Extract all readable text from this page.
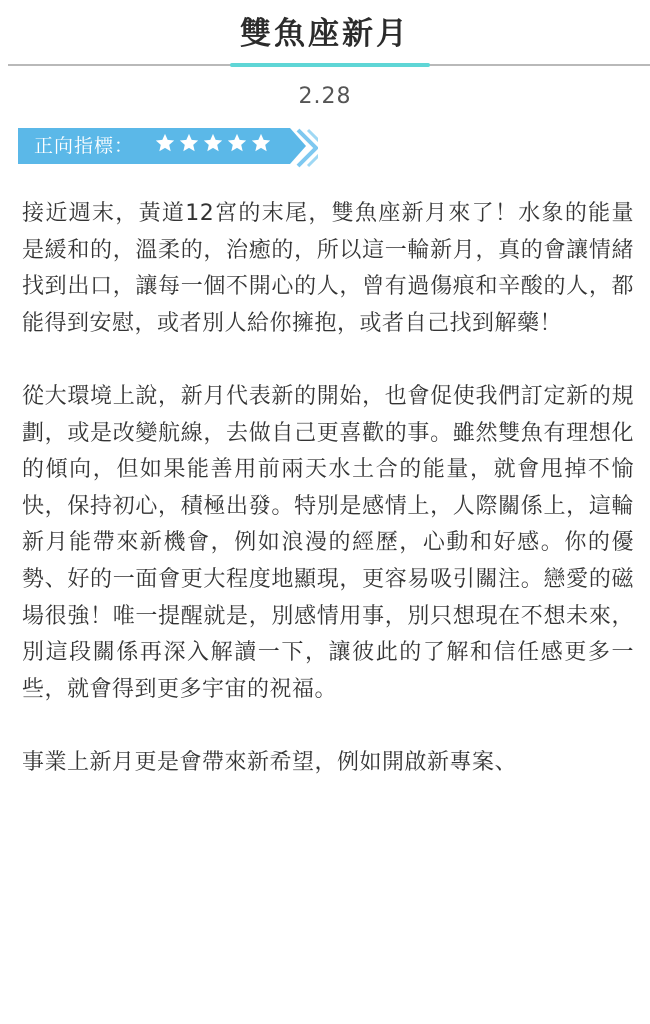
雙魚座新月
2.28
正向指標：

接近週末，黃道12宮的末尾，雙魚座新月來了！水象的能量是緩和的，溫柔的，治癒的，所以這一輪新月，真的會讓情緒找到出口，讓每一個不開心的人，曾有過傷痕和辛酸的人，都能得到安慰，或者別人給你擁抱，或者自己找到解藥！

從大環境上說，新月代表新的開始，也會促使我們訂定新的規劃，或是改變航線，去做自己更喜歡的事。雖然雙魚有理想化的傾向，但如果能善用前兩天水土合的能量，就會甩掉不愉快，保持初心，積極出發。特別是感情上，人際關係上，這輪新月能帶來新機會，例如浪漫的經歷，心動和好感。你的優勢、好的一面會更大程度地顯現，更容易吸引關注。戀愛的磁場很強！唯一提醒就是，別感情用事，別只想現在不想未來，別這段關係再深入解讀一下，讓彼此的了解和信任感更多一些，就會得到更多宇宙的祝福。

事業上新月更是會帶來新希望，例如開啟新專案、
